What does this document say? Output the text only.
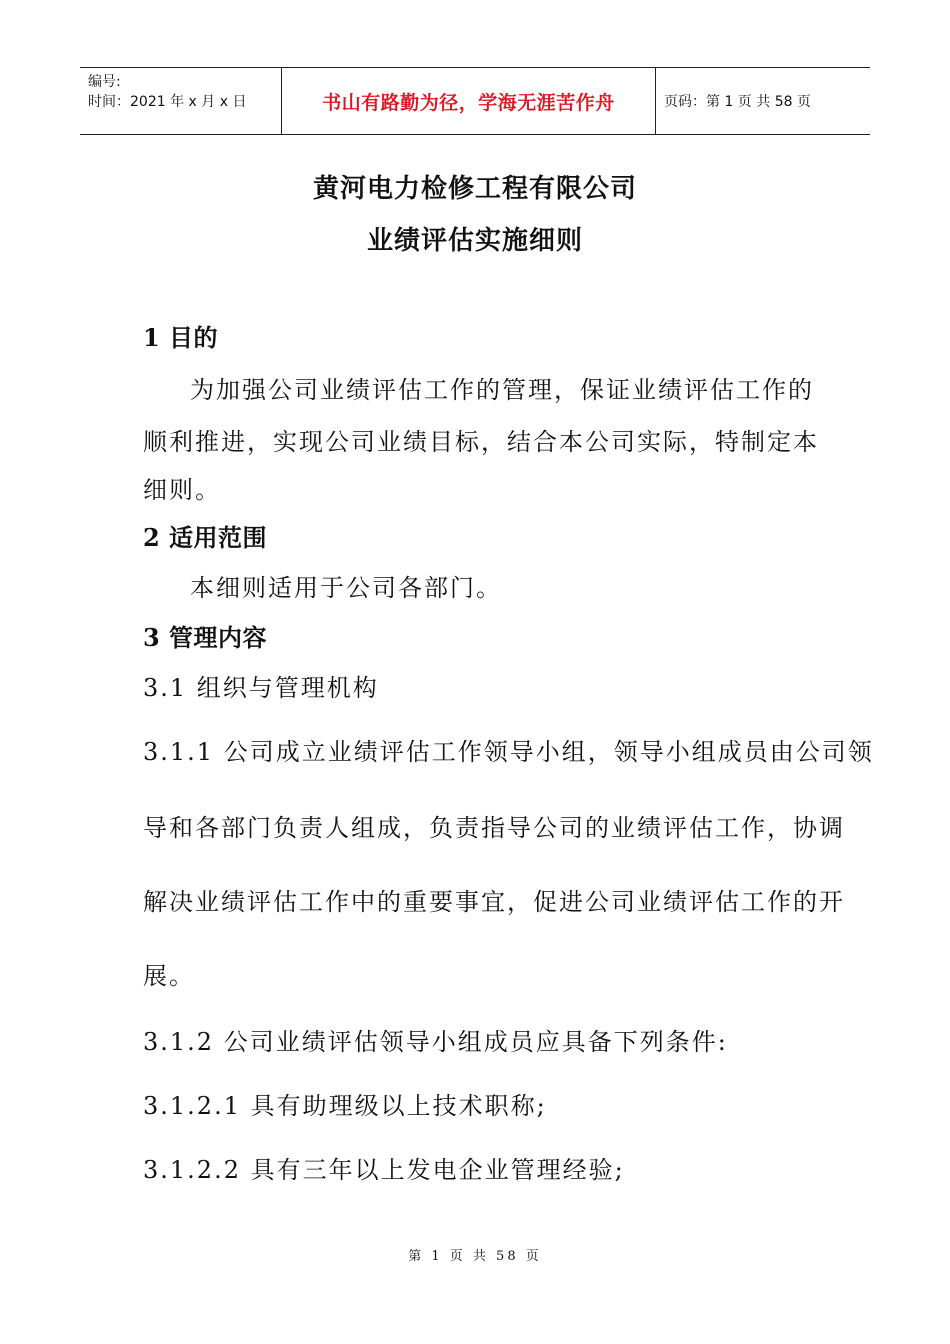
编号:
时间：2021 年 x 月 x 日	书山有路勤为径，学海无涯苦作舟	页码：第 1 页 共 58 页
黄河电力检修工程有限公司
业绩评估实施细则
1 目的
为加强公司业绩评估工作的管理，保证业绩评估工作的
顺利推进，实现公司业绩目标，结合本公司实际，特制定本
细则。
2 适用范围
本细则适用于公司各部门。
3 管理内容
3.1 组织与管理机构
3.1.1 公司成立业绩评估工作领导小组，领导小组成员由公司领
导和各部门负责人组成，负责指导公司的业绩评估工作，协调
解决业绩评估工作中的重要事宜，促进公司业绩评估工作的开
展。
3.1.2 公司业绩评估领导小组成员应具备下列条件:
3.1.2.1 具有助理级以上技术职称;
3.1.2.2 具有三年以上发电企业管理经验;
第 1 页 共 58 页
